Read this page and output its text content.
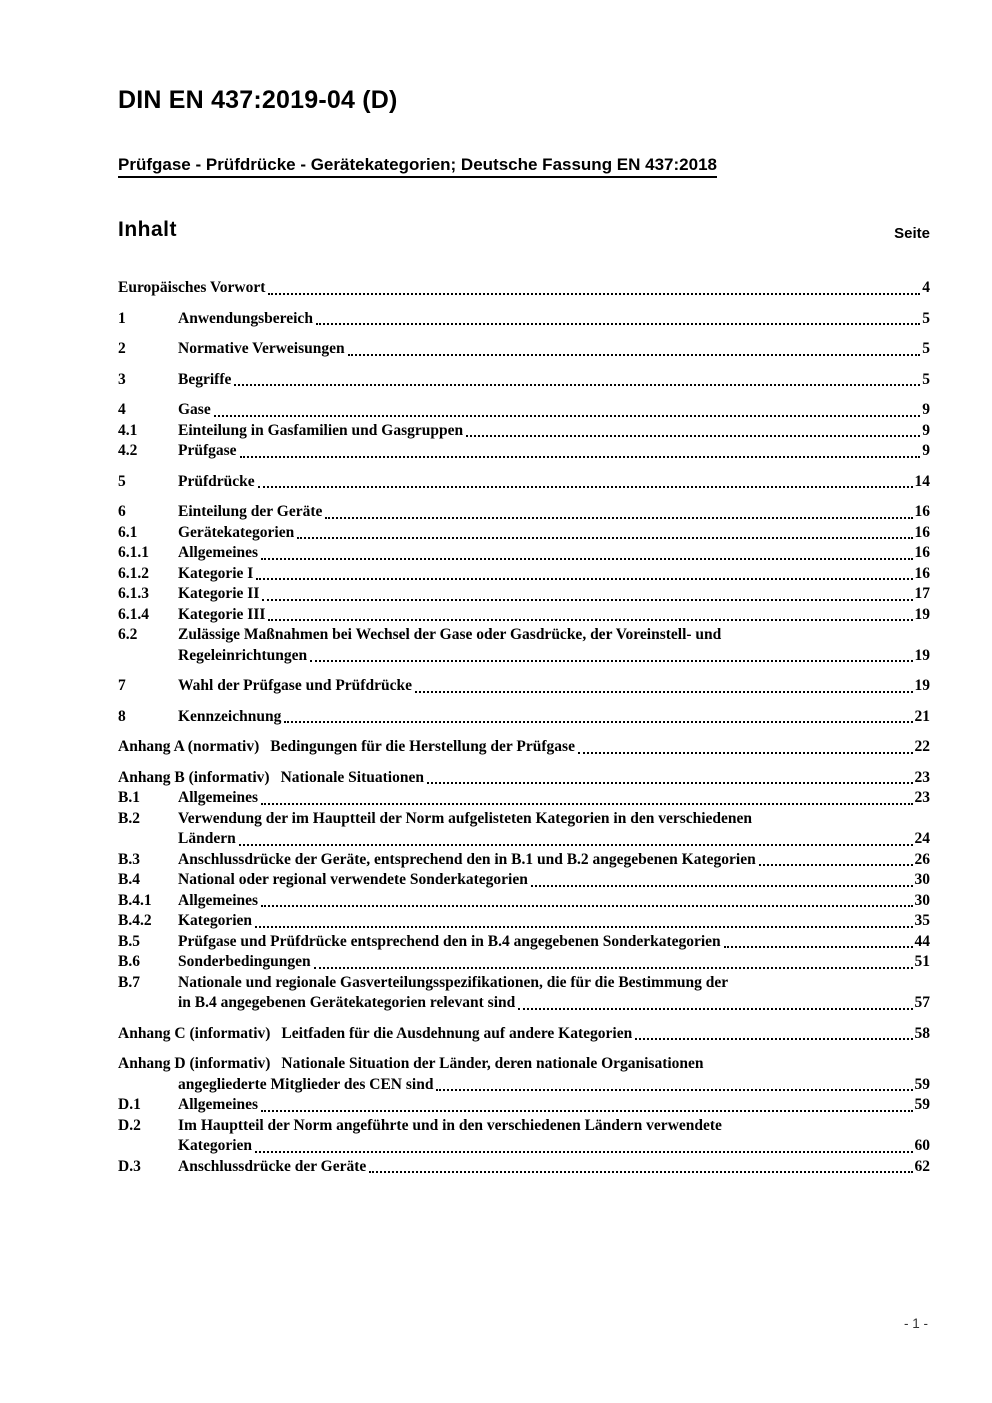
DIN EN 437:2019-04 (D)
Prüfgase - Prüfdrücke - Gerätekategorien; Deutsche Fassung EN 437:2018
Inhalt	Seite
Europäisches Vorwort	4
1	Anwendungsbereich	5
2	Normative Verweisungen	5
3	Begriffe	5
4	Gase	9
4.1	Einteilung in Gasfamilien und Gasgruppen	9
4.2	Prüfgase	9
5	Prüfdrücke	14
6	Einteilung der Geräte	16
6.1	Gerätekategorien	16
6.1.1	Allgemeines	16
6.1.2	Kategorie I	16
6.1.3	Kategorie II	17
6.1.4	Kategorie III	19
6.2	Zulässige Maßnahmen bei Wechsel der Gase oder Gasdrücke, der Voreinstell- und
Regeleinrichtungen	19
7	Wahl der Prüfgase und Prüfdrücke	19
8	Kennzeichnung	21
Anhang A (normativ) Bedingungen für die Herstellung der Prüfgase	22
Anhang B (informativ) Nationale Situationen	23
B.1	Allgemeines	23
B.2	Verwendung der im Hauptteil der Norm aufgelisteten Kategorien in den verschiedenen
Ländern	24
B.3	Anschlussdrücke der Geräte, entsprechend den in B.1 und B.2 angegebenen Kategorien	26
B.4	National oder regional verwendete Sonderkategorien	30
B.4.1	Allgemeines	30
B.4.2	Kategorien	35
B.5	Prüfgase und Prüfdrücke entsprechend den in B.4 angegebenen Sonderkategorien	44
B.6	Sonderbedingungen	51
B.7	Nationale und regionale Gasverteilungsspezifikationen, die für die Bestimmung der
in B.4 angegebenen Gerätekategorien relevant sind	57
Anhang C (informativ) Leitfaden für die Ausdehnung auf andere Kategorien	58
Anhang D (informativ) Nationale Situation der Länder, deren nationale Organisationen
angegliederte Mitglieder des CEN sind	59
D.1	Allgemeines	59
D.2	Im Hauptteil der Norm angeführte und in den verschiedenen Ländern verwendete
Kategorien	60
D.3	Anschlussdrücke der Geräte	62
- 1 -
